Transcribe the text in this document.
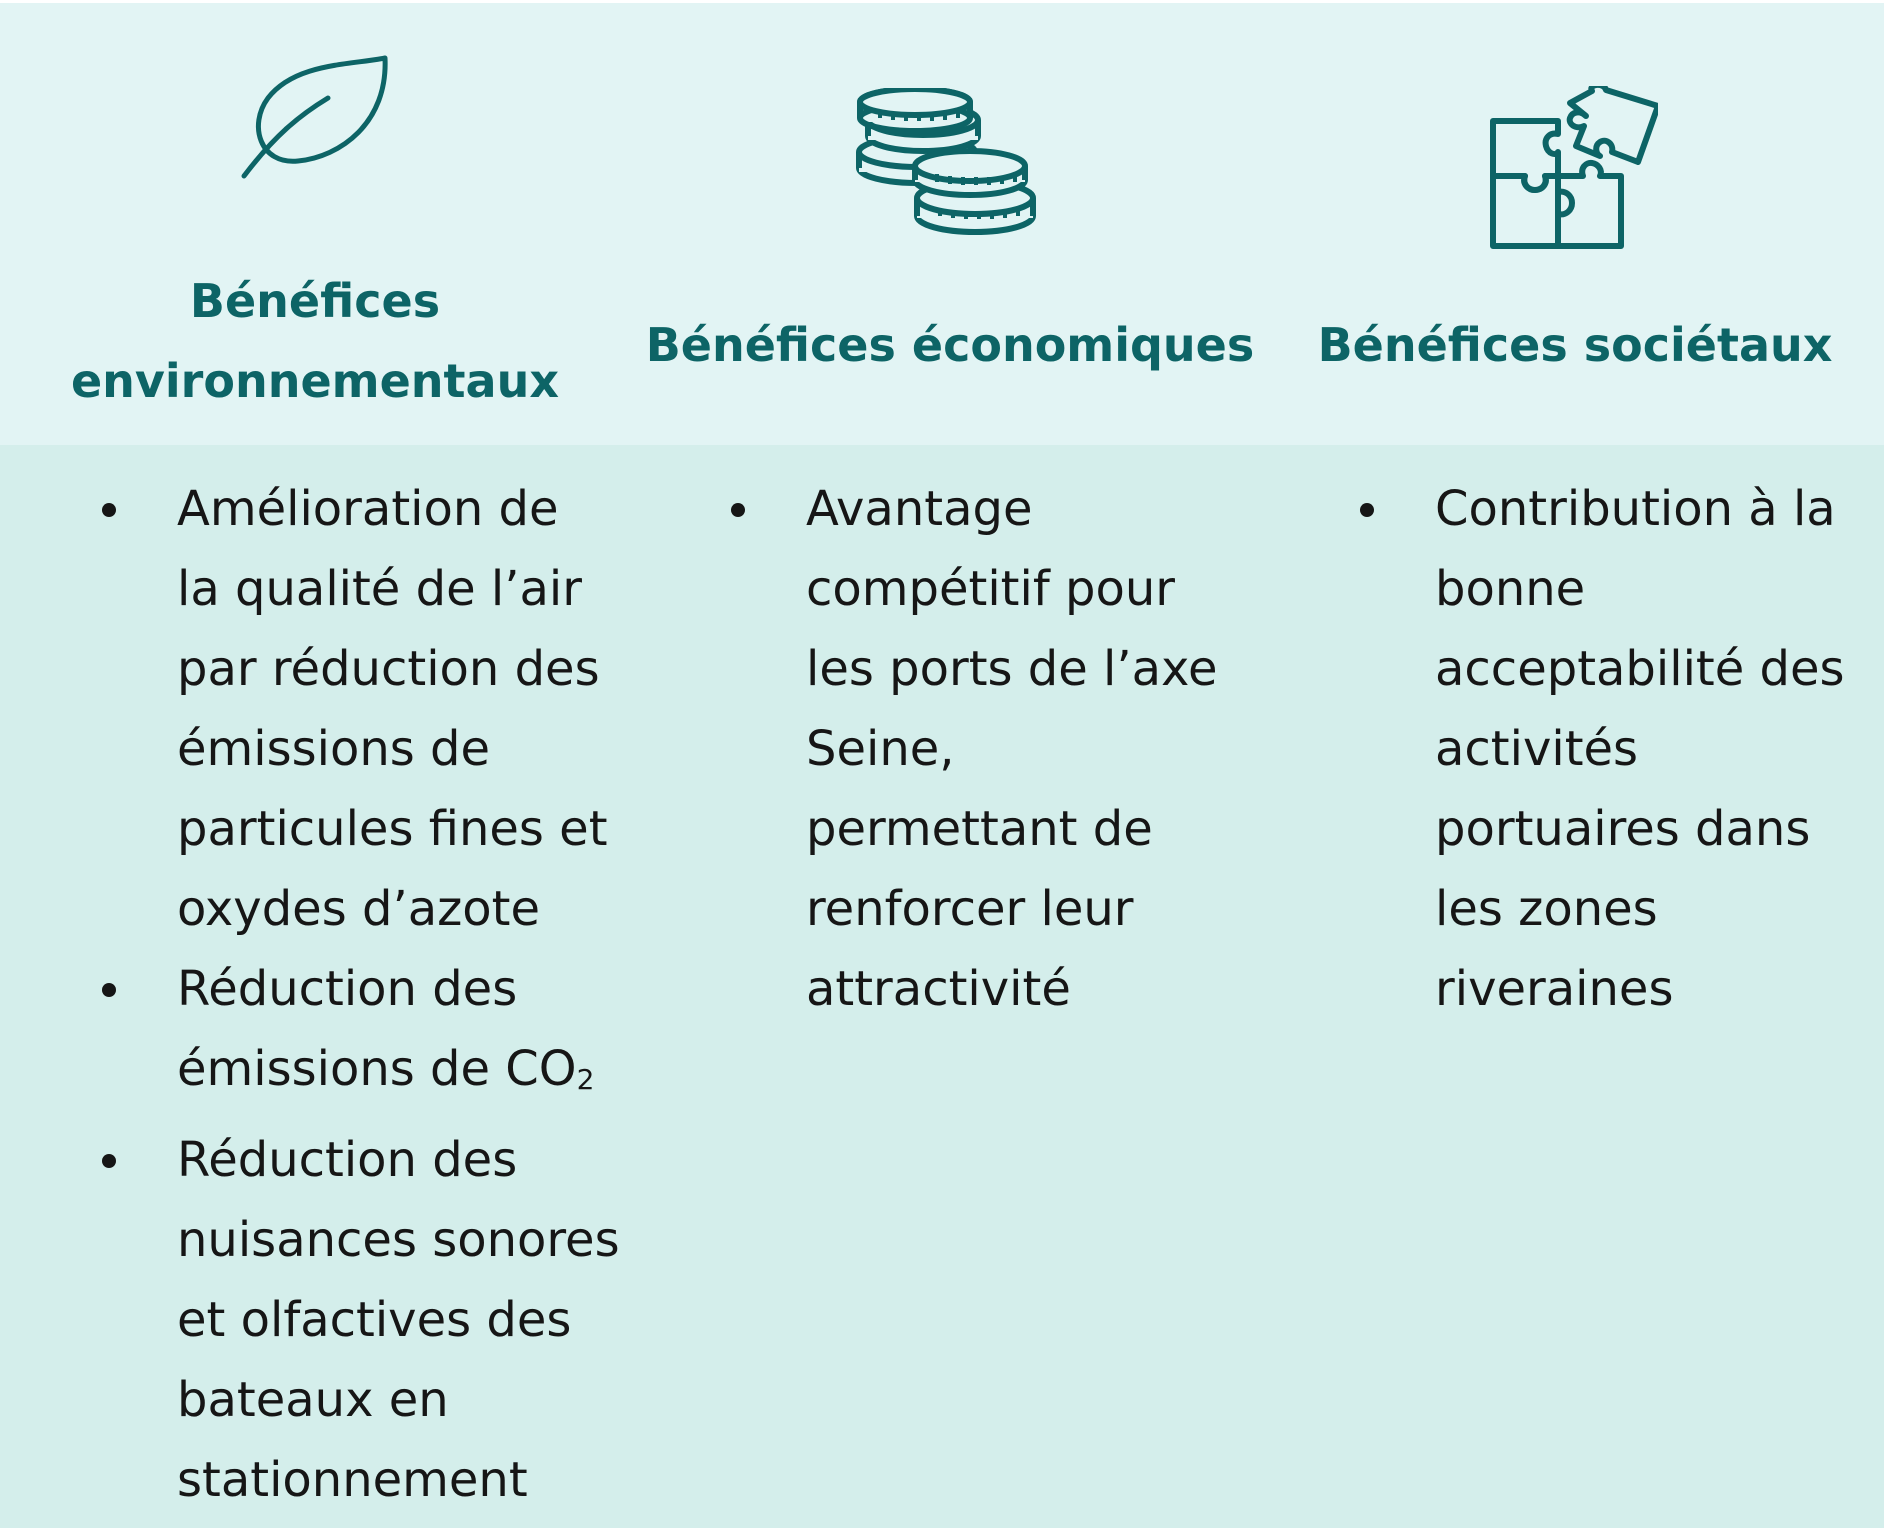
Bénéfices
environnementaux
Bénéfices économiques Bénéfices sociétaux
Amélioration de
la qualité de l’air
par réduction des
émissions de
particules fines et
oxydes d’azote
Réduction des
émissions de $CO_2$
Réduction des
nuisances sonores
et olfactives des
bateaux en
stationnement
Avantage
compétitif pour
les ports de l’axe
Seine,
permettant de
renforcer leur
attractivité
Contribution à la
bonne
acceptabilité des
activités
portuaires dans
les zones
riveraines
